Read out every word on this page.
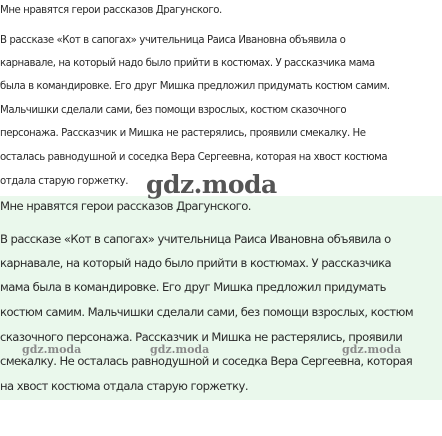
Мне нравятся герои рассказов Драгунского.
В рассказе «Кот в сапогах» учительница Раиса Ивановна объявила о
карнавале, на который надо было прийти в костюмах. У рассказчика мама
была в командировке. Его друг Мишка предложил придумать костюм самим.
Мальчишки сделали сами, без помощи взрослых, костюм сказочного
персонажа. Рассказчик и Мишка не растерялись, проявили смекалку. Не
осталась равнодушной и соседка Вера Сергеевна, которая на хвост костюма
отдала старую горжетку.
Мне нравятся герои рассказов Драгунского.
В рассказе «Кот в сапогах» учительница Раиса Ивановна объявила о
карнавале, на который надо было прийти в костюмах. У рассказчика
мама была в командировке. Его друг Мишка предложил придумать
костюм самим. Мальчишки сделали сами, без помощи взрослых, костюм
сказочного персонажа. Рассказчик и Мишка не растерялись, проявили
смекалку. Не осталась равнодушной и соседка Вера Сергеевна, которая
на хвост костюма отдала старую горжетку.
gdz.moda
gdz.moda	gdz.moda	gdz.moda
